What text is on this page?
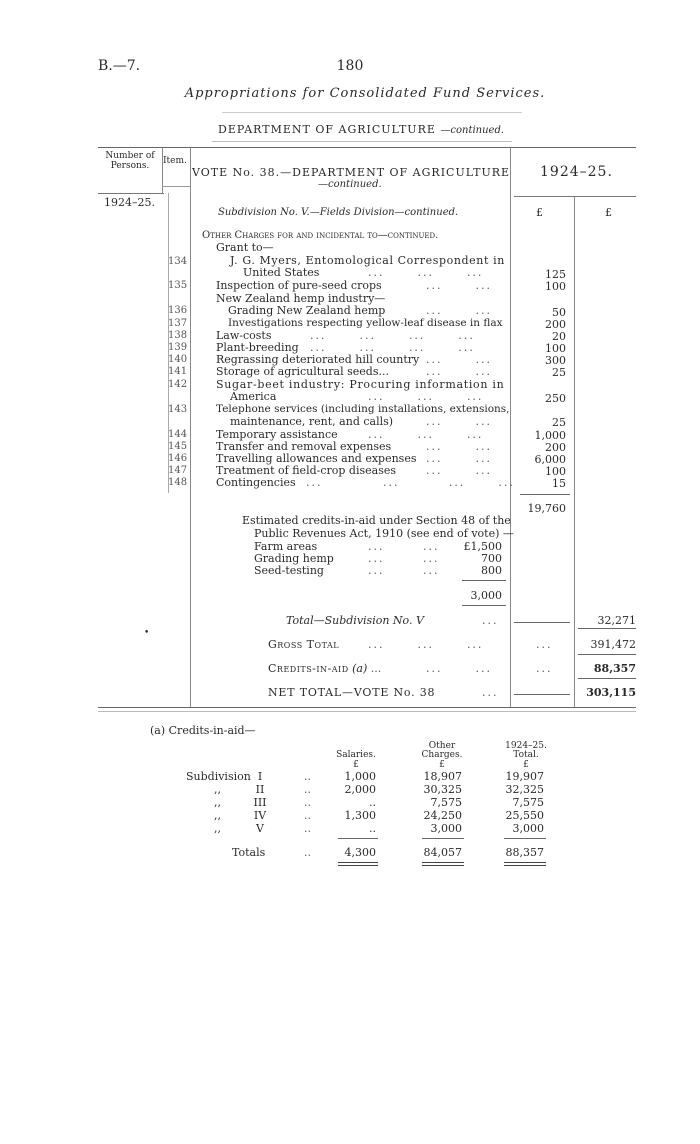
B.—7.	180
Appropriations for Consolidated Fund Services.
DEPARTMENT OF AGRICULTURE —continued.
Number of Persons.	Item.
VOTE No. 38.—DEPARTMENT OF AGRICULTURE
—continued.
1924–25.
1924–25.
Subdivision No. V.—Fields Division—continued.	£	£
Other Charges for and incidental to—continued.
Grant to—
134	J. G. Myers, Entomological Correspondent in
United States	...      ...      ...	125
135	Inspection of pure-seed crops	...      ...	100
New Zealand hemp industry—
136	Grading New Zealand hemp	...      ...	50
137	Investigations respecting yellow-leaf disease in flax	200
138	Law-costs	...      ...      ...      ...	20
139	Plant-breeding ...      ...      ...      ...	100
140	Regrassing deteriorated hill country ...      ...	300
141	Storage of agricultural seeds...	...      ...	25
142	Sugar-beet industry: Procuring information in
America	...      ...      ...	250
143	Telephone services (including installations, extensions,
maintenance, rent, and calls)	...      ...	25
144	Temporary assistance	...      ...      ...	1,000
145	Transfer and removal expenses	...      ...	200
146	Travelling allowances and expenses ...      ...	6,000
147	Treatment of field-crop diseases	...      ...	100
148	Contingencies ...           ...         ...      ...	15
19,760
Estimated credits-in-aid under Section 48 of the
Public Revenues Act, 1910 (see end of vote) —
Farm areas	...       ...	£1,500
Grading hemp	...       ...	700
Seed-testing	...       ...	800
3,000
Total—Subdivision No. V	...	32,271
Gross Total	...      ...      ...	...	391,472
Credits-in-aid (a) ...	...      ...	...	88,357
NET TOTAL—VOTE No. 38	...	303,115
•
(a) Credits-in-aid—
Salaries.
Other
Charges.
1924–25.
Total.
£	£	£
Subdivision I	..	1,000	18,907	19,907
,,	II	..	2,000	30,325	32,325
,,	III	..	..	7,575	7,575
,,	IV	..	1,300	24,250	25,550
,,	V	..	..	3,000	3,000
Totals	..	4,300	84,057	88,357
